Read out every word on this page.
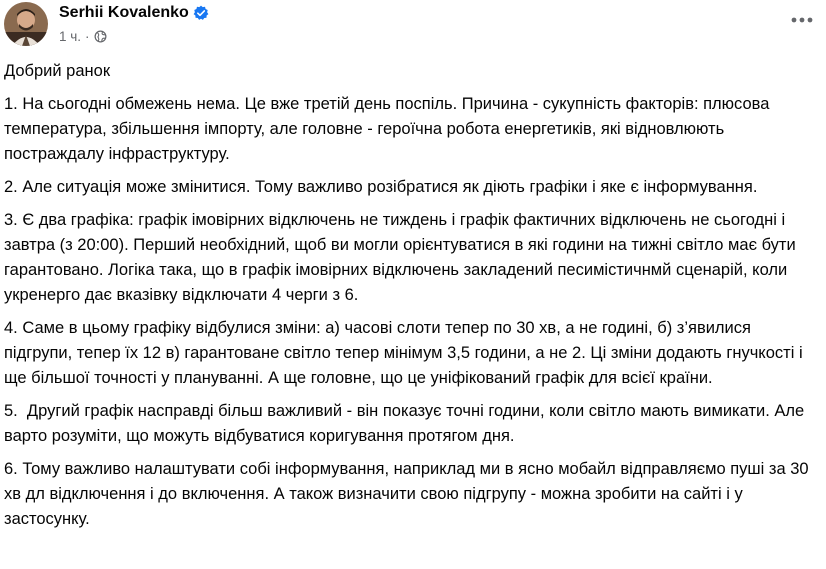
Serhii Kovalenko
1 ч. ·

Добрий ранок

1. На сьогодні обмежень нема. Це вже третій день поспіль. Причина - сукупність факторів: плюсова температура, збільшення імпорту, але головне - героїчна робота енергетиків, які відновлюють постраждалу інфраструктуру.

2. Але ситуація може змінитися. Тому важливо розібратися як діють графіки і яке є інформування.

3. Є два графіка: графік імовірних відключень не тиждень і графік фактичних відключень не сьогодні і завтра (з 20:00). Перший необхідний, щоб ви могли орієнтуватися в які години на тижні світло має бути гарантовано. Логіка така, що в графік імовірних відключень закладений песимістичнмй сценарій, коли укренерго дає вказівку відключати 4 черги з 6.

4. Саме в цьому графіку відбулися зміни: а) часові слоти тепер по 30 хв, а не годині, б) з’явилися підгрупи, тепер їх 12 в) гарантоване світло тепер мінімум 3,5 години, а не 2. Ці зміни додають гнучкості і ще більшої точності у плануванні. А ще головне, що це уніфікований графік для всієї країни.

5.  Другий графік насправді більш важливий - він показує точні години, коли світло мають вимикати. Але варто розуміти, що можуть відбуватися коригування протягом дня.

6. Тому важливо налаштувати собі інформування, наприклад ми в ясно мобайл відправляємо пуші за 30 хв дл відключення і до включення. А також визначити свою підгрупу - можна зробити на сайті і у застосунку.
